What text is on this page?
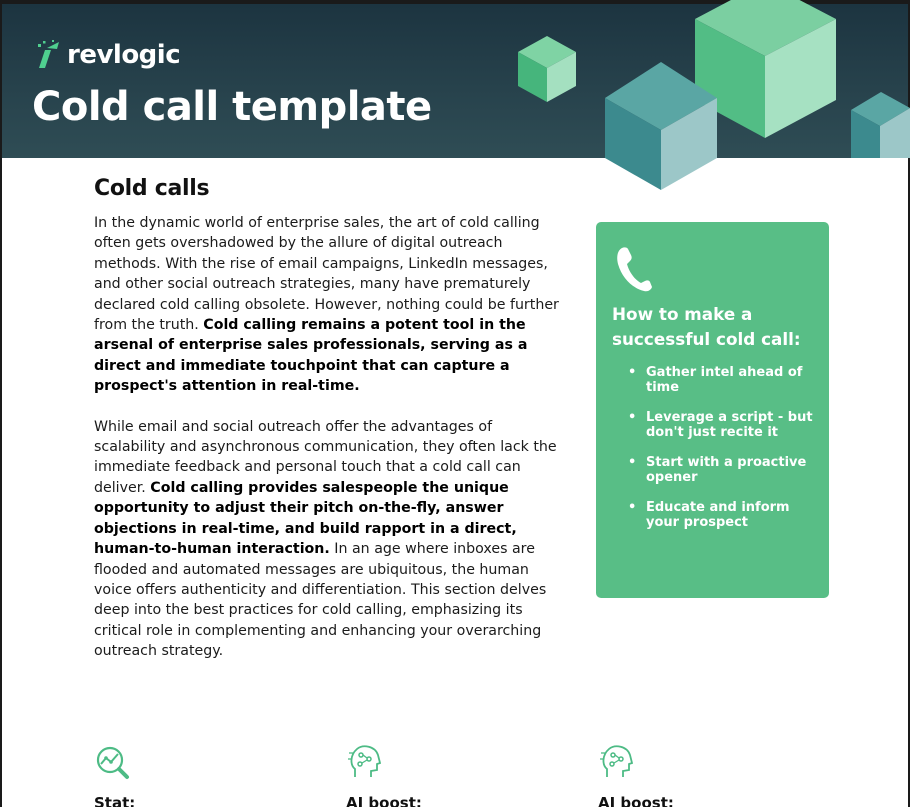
revlogic
Cold call template
Cold calls

In the dynamic world of enterprise sales, the art of cold calling often gets overshadowed by the allure of digital outreach methods. With the rise of email campaigns, LinkedIn messages, and other social outreach strategies, many have prematurely declared cold calling obsolete. However, nothing could be further from the truth. Cold calling remains a potent tool in the arsenal of enterprise sales professionals, serving as a direct and immediate touchpoint that can capture a prospect's attention in real-time.

While email and social outreach offer the advantages of scalability and asynchronous communication, they often lack the immediate feedback and personal touch that a cold call can deliver. Cold calling provides salespeople the unique opportunity to adjust their pitch on-the-fly, answer objections in real-time, and build rapport in a direct, human-to-human interaction. In an age where inboxes are flooded and automated messages are ubiquitous, the human voice offers authenticity and differentiation. This section delves deep into the best practices for cold calling, emphasizing its critical role in complementing and enhancing your overarching outreach strategy.

How to make a successful cold call:
• Gather intel ahead of time
• Leverage a script - but don't just recite it
• Start with a proactive opener
• Educate and inform your prospect
Stat:	AI boost:	AI boost:
